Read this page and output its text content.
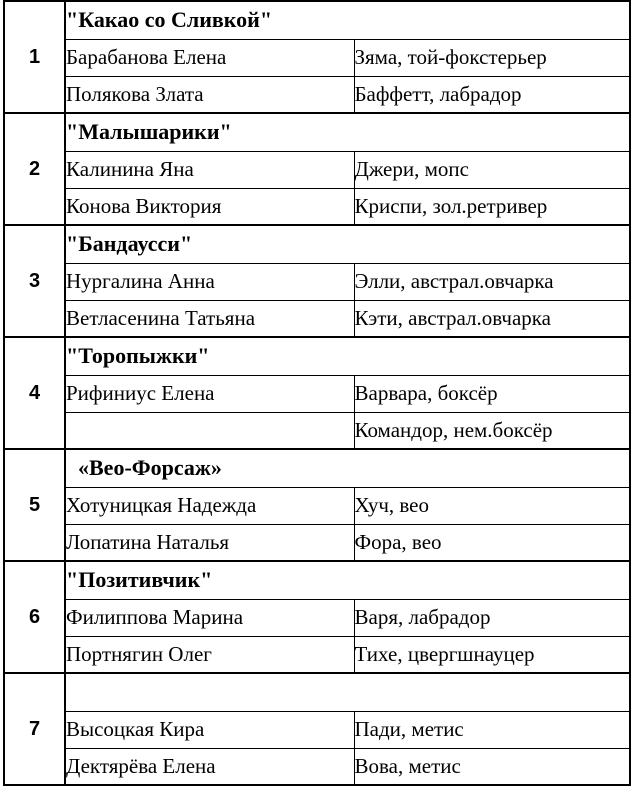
1	"Какао со Сливкой"	
	Барабанова Елена	Зяма, той-фокстерьер
	Полякова Злата	Баффетт, лабрадор
2	"Малышарики"	
	Калинина Яна	Джери, мопс
	Конова Виктория	Криспи, зол.ретривер
3	"Бандаусси"	
	Нургалина Анна	Элли, австрал.овчарка
	Ветласенина Татьяна	Кэти, австрал.овчарка
4	"Торопыжки"	
	Рифиниус Елена	Варвара, боксёр
		Командор, нем.боксёр
5	«Вео-Форсаж»	
	Хотуницкая Надежда	Хуч, вео
	Лопатина Наталья	Фора, вео
6	"Позитивчик"	
	Филиппова Марина	Варя, лабрадор
	Портнягин Олег	Тихе, цвергшнауцер
7		
	Высоцкая Кира	Пади, метис
	Дектярёва Елена	Вова, метис
